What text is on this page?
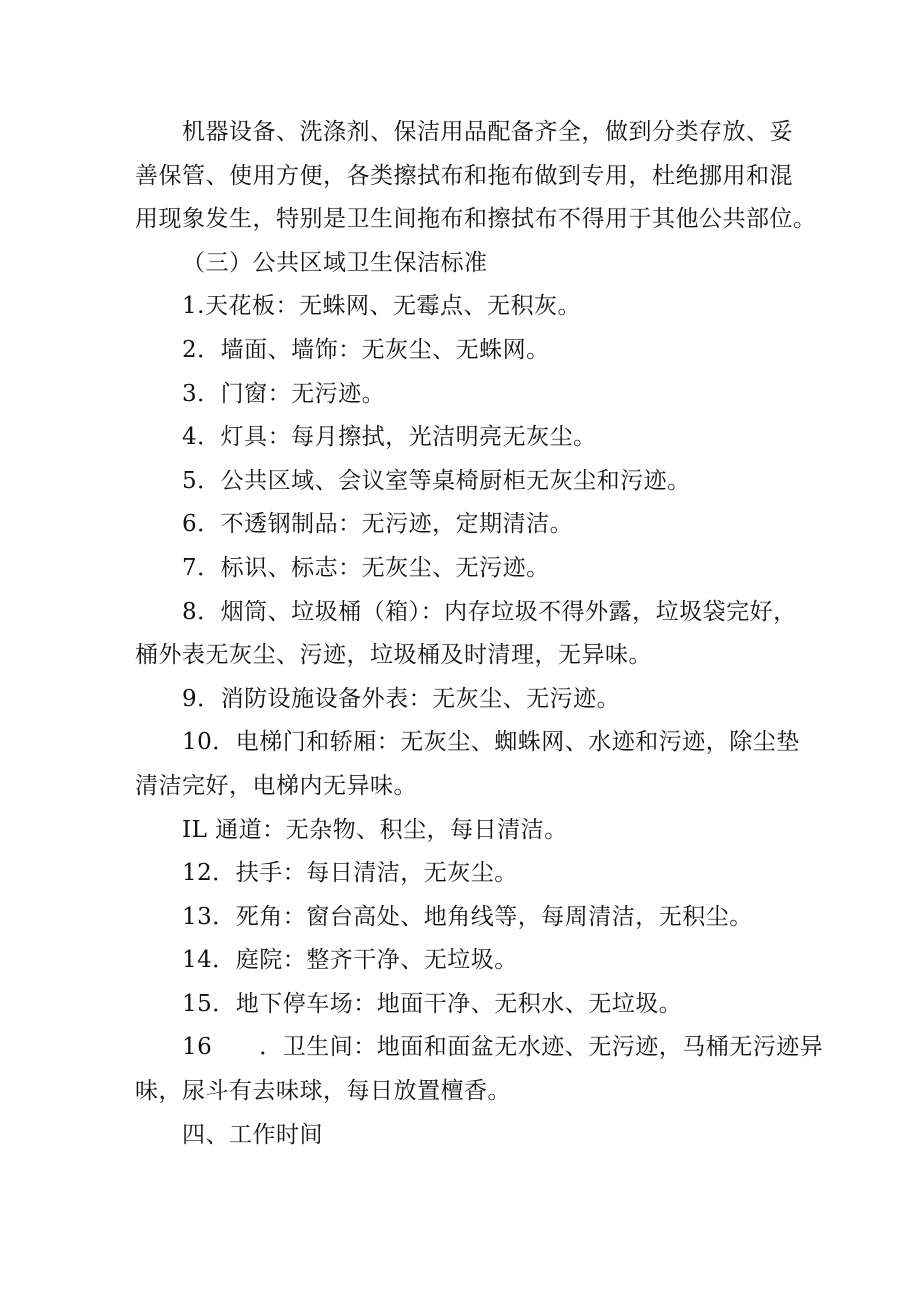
机器设备、洗涤剂、保洁用品配备齐全，做到分类存放、妥
善保管、使用方便，各类擦拭布和拖布做到专用，杜绝挪用和混
用现象发生，特别是卫生间拖布和擦拭布不得用于其他公共部位。
（三）公共区域卫生保洁标准
1.天花板：无蛛网、无霉点、无积灰。
2．墙面、墙饰：无灰尘、无蛛网。
3．门窗：无污迹。
4．灯具：每月擦拭，光洁明亮无灰尘。
5．公共区域、会议室等桌椅厨柜无灰尘和污迹。
6．不透钢制品：无污迹，定期清洁。
7．标识、标志：无灰尘、无污迹。
8．烟筒、垃圾桶（箱）：内存垃圾不得外露，垃圾袋完好，
桶外表无灰尘、污迹，垃圾桶及时清理，无异味。
9．消防设施设备外表：无灰尘、无污迹。
10．电梯门和轿厢：无灰尘、蜘蛛网、水迹和污迹，除尘垫
清洁完好，电梯内无异味。
IL 通道：无杂物、积尘，每日清洁。
12．扶手：每日清洁，无灰尘。
13．死角：窗台高处、地角线等，每周清洁，无积尘。
14．庭院：整齐干净、无垃圾。
15．地下停车场：地面干净、无积水、无垃圾。
16　　．卫生间：地面和面盆无水迹、无污迹，马桶无污迹异
味，尿斗有去味球，每日放置檀香。
四、工作时间
